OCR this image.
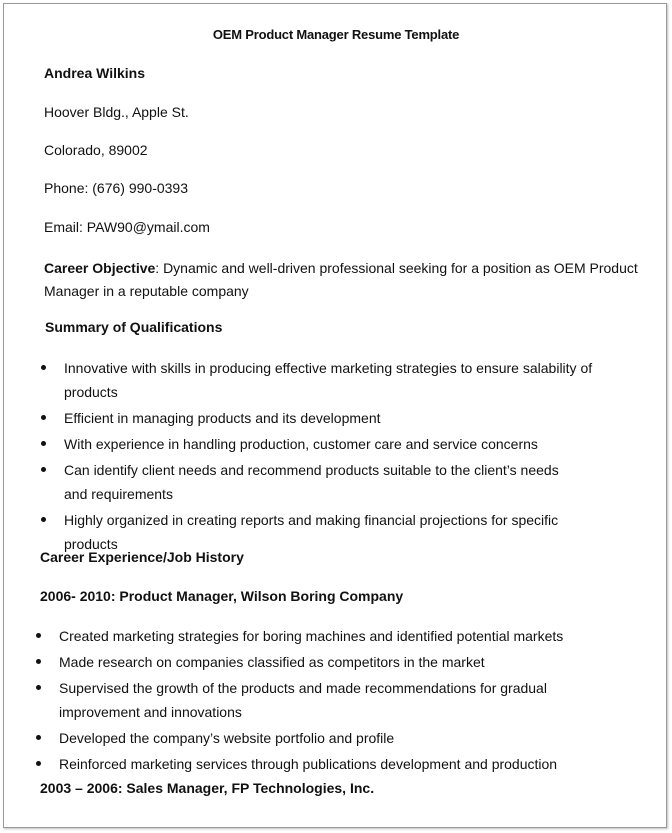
OEM Product Manager Resume Template
Andrea Wilkins
Hoover Bldg., Apple St.
Colorado, 89002
Phone: (676) 990-0393
Email: PAW90@ymail.com
Career Objective: Dynamic and well-driven professional seeking for a position as OEM Product Manager in a reputable company
Summary of Qualifications
Innovative with skills in producing effective marketing strategies to ensure salability of products
Efficient in managing products and its development
With experience in handling production, customer care and service concerns
Can identify client needs and recommend products suitable to the client’s needs and requirements
Highly organized in creating reports and making financial projections for specific products
Career Experience/Job History
2006- 2010: Product Manager, Wilson Boring Company
Created marketing strategies for boring machines and identified potential markets
Made research on companies classified as competitors in the market
Supervised the growth of the products and made recommendations for gradual improvement and innovations
Developed the company’s website portfolio and profile
Reinforced marketing services through publications development and production
2003 – 2006: Sales Manager, FP Technologies, Inc.
